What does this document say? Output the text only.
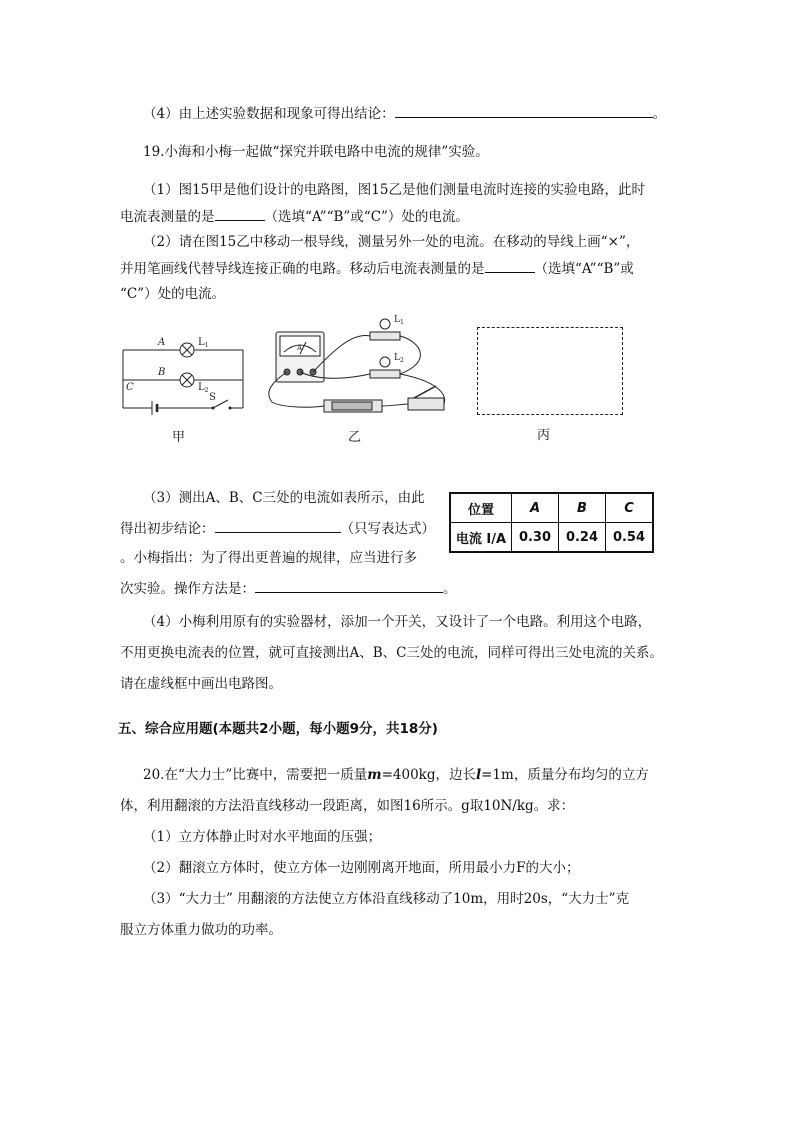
（4）由上述实验数据和现象可得出结论：	。
19.小海和小梅一起做“探究并联电路中电流的规律”实验。
（1）图15甲是他们设计的电路图，图15乙是他们测量电流时连接的实验电路，此时
电流表测量的是	（选填“A”“B”或“C”）处的电流。
（2）请在图15乙中移动一根导线，测量另外一处的电流。在移动的导线上画“×”，
并用笔画线代替导线连接正确的电路。移动后电流表测量的是	（选填“A”“B”或
“C”）处的电流。
A
B
C
$L_1$
$L_2$
S
甲
$L_1$
$L_2$
A
乙	丙
（3）测出A、B、C三处的电流如表所示，由此
得出初步结论：	（只写表达式）
。小梅指出：为了得出更普遍的规律，应当进行多
次实验。操作方法是：	。
位置	A	B	C
电流 I/A	0.30	0.24	0.54
（4）小梅利用原有的实验器材，添加一个开关，又设计了一个电路。利用这个电路，
不用更换电流表的位置，就可直接测出A、B、C三处的电流，同样可得出三处电流的关系。
请在虚线框中画出电路图。
五、综合应用题(本题共2小题，每小题9分，共18分)
20.在“大力士”比赛中，需要把一质量m=400kg，边长l=1m，质量分布均匀的立方
体，利用翻滚的方法沿直线移动一段距离，如图16所示。g取10N/kg。求：
（1）立方体静止时对水平地面的压强；
（2）翻滚立方体时，使立方体一边刚刚离开地面，所用最小力F的大小；
（3）“大力士” 用翻滚的方法使立方体沿直线移动了10m，用时20s，“大力士”克
服立方体重力做功的功率。
